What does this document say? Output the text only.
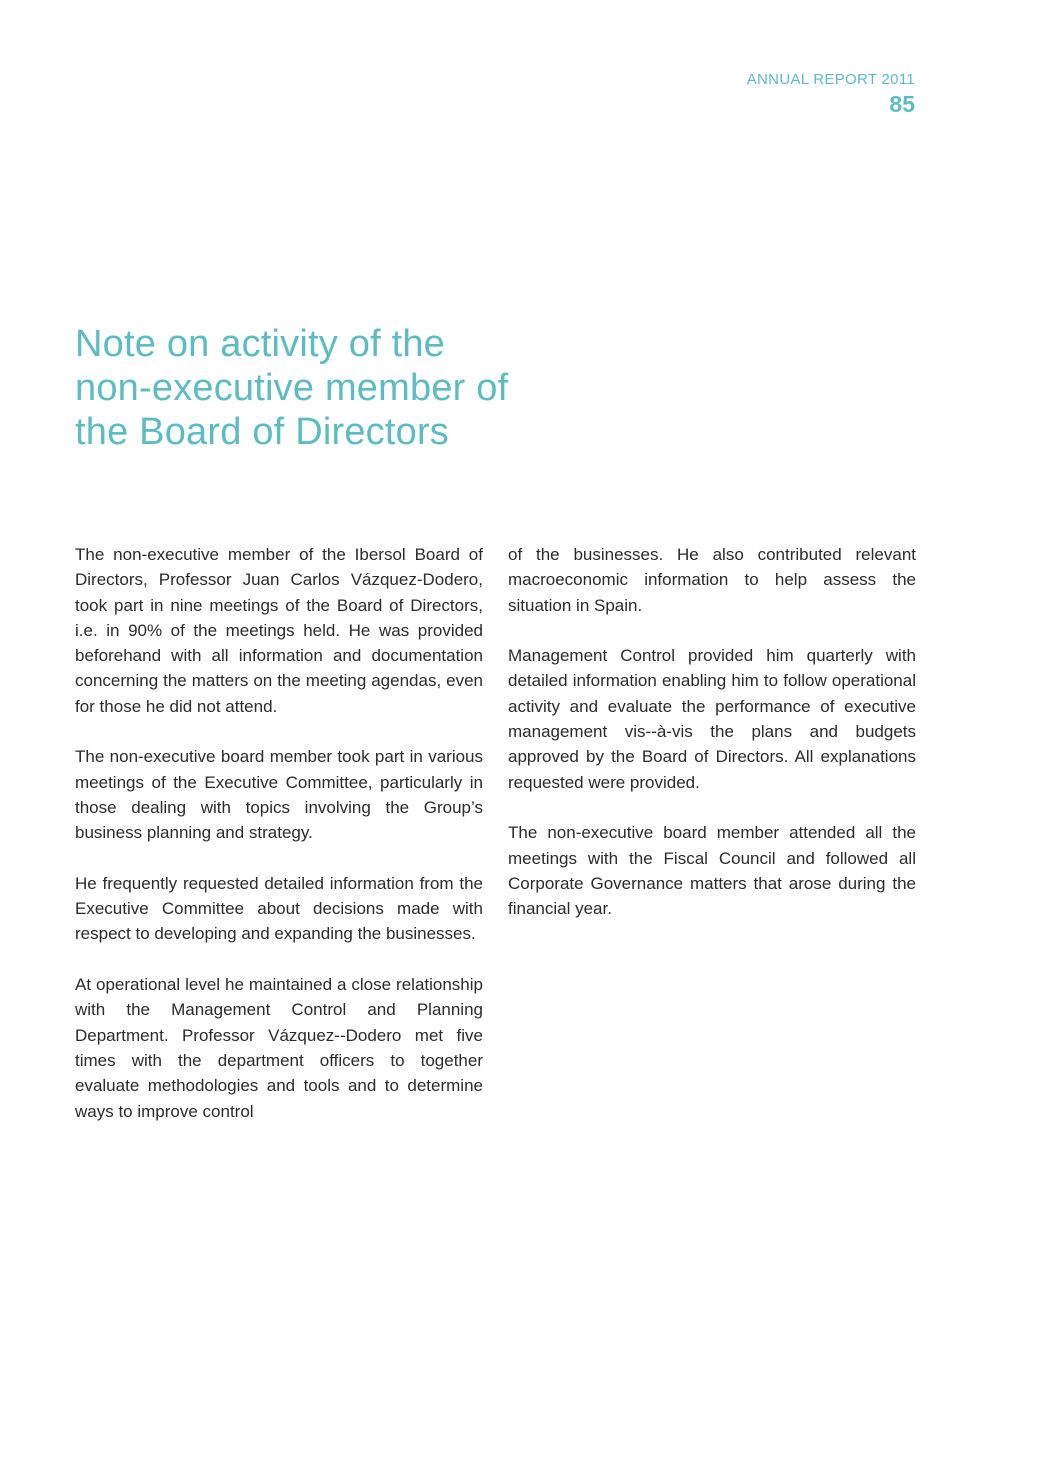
ANNUAL REPORT 2011
85
Note on activity of the non-executive member of the Board of Directors

The non-executive member of the Ibersol Board of Directors, Professor Juan Carlos Vázquez-Dodero, took part in nine meetings of the Board of Directors, i.e. in 90% of the meetings held. He was provided beforehand with all information and documentation concerning the matters on the meeting agendas, even for those he did not attend.

The non-executive board member took part in various meetings of the Executive Committee, particularly in those dealing with topics involving the Group’s business planning and strategy.

He frequently requested detailed information from the Executive Committee about decisions made with respect to developing and expanding the businesses.

At operational level he maintained a close relationship with the Management Control and Planning Department. Professor Vázquez--Dodero met five times with the department officers to together evaluate methodologies and tools and to determine ways to improve control

of the businesses. He also contributed relevant macroeconomic information to help assess the situation in Spain.

Management Control provided him quarterly with detailed information enabling him to follow operational activity and evaluate the performance of executive management vis--à-vis the plans and budgets approved by the Board of Directors. All explanations requested were provided.

The non-executive board member attended all the meetings with the Fiscal Council and followed all Corporate Governance matters that arose during the financial year.
